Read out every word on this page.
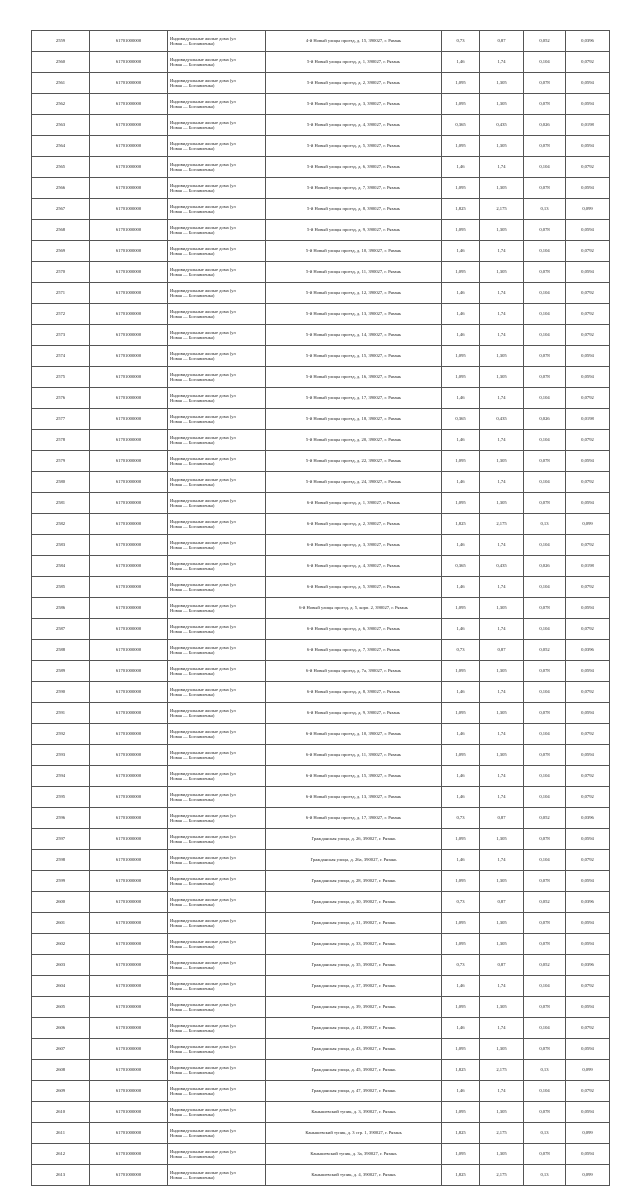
2559	61701000000	Индивидуальные жилые дома (ул
Новая — Богоявленка)	4-й Новый улицы проезд, д. 15, 390027, г. Рязань	0,73	0,87	0,052	0,0396
2560	61701000000	Индивидуальные жилые дома (ул
Новая — Богоявленка)	5-й Новый улицы проезд, д. 1, 390027, г. Рязань	1,46	1,74	0,104	0,0792
2561	61701000000	Индивидуальные жилые дома (ул
Новая — Богоявленка)	5-й Новый улицы проезд, д. 2, 390027, г. Рязань	1,095	1,305	0,078	0,0594
2562	61701000000	Индивидуальные жилые дома (ул
Новая — Богоявленка)	5-й Новый улицы проезд, д. 3, 390027, г. Рязань	1,095	1,305	0,078	0,0594
2563	61701000000	Индивидуальные жилые дома (ул
Новая — Богоявленка)	5-й Новый улицы проезд, д. 4, 390027, г. Рязань	0,365	0,435	0,026	0,0198
2564	61701000000	Индивидуальные жилые дома (ул
Новая — Богоявленка)	5-й Новый улицы проезд, д. 5, 390027, г. Рязань	1,095	1,305	0,078	0,0594
2565	61701000000	Индивидуальные жилые дома (ул
Новая — Богоявленка)	5-й Новый улицы проезд, д. 6, 390027, г. Рязань	1,46	1,74	0,104	0,0792
2566	61701000000	Индивидуальные жилые дома (ул
Новая — Богоявленка)	5-й Новый улицы проезд, д. 7, 390027, г. Рязань	1,095	1,305	0,078	0,0594
2567	61701000000	Индивидуальные жилые дома (ул
Новая — Богоявленка)	5-й Новый улицы проезд, д. 8, 390027, г. Рязань	1,825	2,175	0,13	0,099
2568	61701000000	Индивидуальные жилые дома (ул
Новая — Богоявленка)	5-й Новый улицы проезд, д. 9, 390027, г. Рязань	1,095	1,305	0,078	0,0594
2569	61701000000	Индивидуальные жилые дома (ул
Новая — Богоявленка)	5-й Новый улицы проезд, д. 10, 390027, г. Рязань	1,46	1,74	0,104	0,0792
2570	61701000000	Индивидуальные жилые дома (ул
Новая — Богоявленка)	5-й Новый улицы проезд, д. 11, 390027, г. Рязань	1,095	1,305	0,078	0,0594
2571	61701000000	Индивидуальные жилые дома (ул
Новая — Богоявленка)	5-й Новый улицы проезд, д. 12, 390027, г. Рязань	1,46	1,74	0,104	0,0792
2572	61701000000	Индивидуальные жилые дома (ул
Новая — Богоявленка)	5-й Новый улицы проезд, д. 13, 390027, г. Рязань	1,46	1,74	0,104	0,0792
2573	61701000000	Индивидуальные жилые дома (ул
Новая — Богоявленка)	5-й Новый улицы проезд, д. 14, 390027, г. Рязань	1,46	1,74	0,104	0,0792
2574	61701000000	Индивидуальные жилые дома (ул
Новая — Богоявленка)	5-й Новый улицы проезд, д. 15, 390027, г. Рязань	1,095	1,305	0,078	0,0594
2575	61701000000	Индивидуальные жилые дома (ул
Новая — Богоявленка)	5-й Новый улицы проезд, д. 16, 390027, г. Рязань	1,095	1,305	0,078	0,0594
2576	61701000000	Индивидуальные жилые дома (ул
Новая — Богоявленка)	5-й Новый улицы проезд, д. 17, 390027, г. Рязань	1,46	1,74	0,104	0,0792
2577	61701000000	Индивидуальные жилые дома (ул
Новая — Богоявленка)	5-й Новый улицы проезд, д. 18, 390027, г. Рязань	0,365	0,435	0,026	0,0198
2578	61701000000	Индивидуальные жилые дома (ул
Новая — Богоявленка)	5-й Новый улицы проезд, д. 20, 390027, г. Рязань	1,46	1,74	0,104	0,0792
2579	61701000000	Индивидуальные жилые дома (ул
Новая — Богоявленка)	5-й Новый улицы проезд, д. 22, 390027, г. Рязань	1,095	1,305	0,078	0,0594
2580	61701000000	Индивидуальные жилые дома (ул
Новая — Богоявленка)	5-й Новый улицы проезд, д. 24, 390027, г. Рязань	1,46	1,74	0,104	0,0792
2581	61701000000	Индивидуальные жилые дома (ул
Новая — Богоявленка)	6-й Новый улицы проезд, д. 1, 390027, г. Рязань	1,095	1,305	0,078	0,0594
2582	61701000000	Индивидуальные жилые дома (ул
Новая — Богоявленка)	6-й Новый улицы проезд, д. 2, 390027, г. Рязань	1,825	2,175	0,13	0,099
2583	61701000000	Индивидуальные жилые дома (ул
Новая — Богоявленка)	6-й Новый улицы проезд, д. 3, 390027, г. Рязань	1,46	1,74	0,104	0,0792
2584	61701000000	Индивидуальные жилые дома (ул
Новая — Богоявленка)	6-й Новый улицы проезд, д. 4, 390027, г. Рязань	0,365	0,435	0,026	0,0198
2585	61701000000	Индивидуальные жилые дома (ул
Новая — Богоявленка)	6-й Новый улицы проезд, д. 5, 390027, г. Рязань	1,46	1,74	0,104	0,0792
2586	61701000000	Индивидуальные жилые дома (ул
Новая — Богоявленка)	6-й Новый улицы проезд, д. 5, корп. 2, 390027, г. Рязань	1,095	1,305	0,078	0,0594
2587	61701000000	Индивидуальные жилые дома (ул
Новая — Богоявленка)	6-й Новый улицы проезд, д. 6, 390027, г. Рязань	1,46	1,74	0,104	0,0792
2588	61701000000	Индивидуальные жилые дома (ул
Новая — Богоявленка)	6-й Новый улицы проезд, д. 7, 390027, г. Рязань	0,73	0,87	0,052	0,0396
2589	61701000000	Индивидуальные жилые дома (ул
Новая — Богоявленка)	6-й Новый улицы проезд, д. 7а, 390027, г. Рязань	1,095	1,305	0,078	0,0594
2590	61701000000	Индивидуальные жилые дома (ул
Новая — Богоявленка)	6-й Новый улицы проезд, д. 8, 390027, г. Рязань	1,46	1,74	0,104	0,0792
2591	61701000000	Индивидуальные жилые дома (ул
Новая — Богоявленка)	6-й Новый улицы проезд, д. 9, 390027, г. Рязань	1,095	1,305	0,078	0,0594
2592	61701000000	Индивидуальные жилые дома (ул
Новая — Богоявленка)	6-й Новый улицы проезд, д. 10, 390027, г. Рязань	1,46	1,74	0,104	0,0792
2593	61701000000	Индивидуальные жилые дома (ул
Новая — Богоявленка)	6-й Новый улицы проезд, д. 11, 390027, г. Рязань	1,095	1,305	0,078	0,0594
2594	61701000000	Индивидуальные жилые дома (ул
Новая — Богоявленка)	6-й Новый улицы проезд, д. 15, 390027, г. Рязань	1,46	1,74	0,104	0,0792
2595	61701000000	Индивидуальные жилые дома (ул
Новая — Богоявленка)	6-й Новый улицы проезд, д. 13, 390027, г. Рязань	1,46	1,74	0,104	0,0792
2596	61701000000	Индивидуальные жилые дома (ул
Новая — Богоявленка)	6-й Новый улицы проезд, д. 17, 390027, г. Рязань	0,73	0,87	0,052	0,0396
2597	61701000000	Индивидуальные жилые дома (ул
Новая — Богоявленка)	Гражданская улица, д. 26, 390027, г. Рязань	1,095	1,305	0,078	0,0594
2598	61701000000	Индивидуальные жилые дома (ул
Новая — Богоявленка)	Гражданская улица, д. 26а, 390027, г. Рязань	1,46	1,74	0,104	0,0792
2599	61701000000	Индивидуальные жилые дома (ул
Новая — Богоявленка)	Гражданская улица, д. 28, 390027, г. Рязань	1,095	1,305	0,078	0,0594
2600	61701000000	Индивидуальные жилые дома (ул
Новая — Богоявленка)	Гражданская улица, д. 30, 390027, г. Рязань	0,73	0,87	0,052	0,0396
2601	61701000000	Индивидуальные жилые дома (ул
Новая — Богоявленка)	Гражданская улица, д. 31, 390027, г. Рязань	1,095	1,305	0,078	0,0594
2602	61701000000	Индивидуальные жилые дома (ул
Новая — Богоявленка)	Гражданская улица, д. 33, 390027, г. Рязань	1,095	1,305	0,078	0,0594
2603	61701000000	Индивидуальные жилые дома (ул
Новая — Богоявленка)	Гражданская улица, д. 35, 390027, г. Рязань	0,73	0,87	0,052	0,0396
2604	61701000000	Индивидуальные жилые дома (ул
Новая — Богоявленка)	Гражданская улица, д. 37, 390027, г. Рязань	1,46	1,74	0,104	0,0792
2605	61701000000	Индивидуальные жилые дома (ул
Новая — Богоявленка)	Гражданская улица, д. 39, 390027, г. Рязань	1,095	1,305	0,078	0,0594
2606	61701000000	Индивидуальные жилые дома (ул
Новая — Богоявленка)	Гражданская улица, д. 41, 390027, г. Рязань	1,46	1,74	0,104	0,0792
2607	61701000000	Индивидуальные жилые дома (ул
Новая — Богоявленка)	Гражданская улица, д. 43, 390027, г. Рязань	1,095	1,305	0,078	0,0594
2608	61701000000	Индивидуальные жилые дома (ул
Новая — Богоявленка)	Гражданская улица, д. 45, 390027, г. Рязань	1,825	2,175	0,13	0,099
2609	61701000000	Индивидуальные жилые дома (ул
Новая — Богоявленка)	Гражданская улица, д. 47, 390027, г. Рязань	1,46	1,74	0,104	0,0792
2610	61701000000	Индивидуальные жилые дома (ул
Новая — Богоявленка)	Канышевский тупик, д. 3, 390027, г. Рязань	1,095	1,305	0,078	0,0594
2611	61701000000	Индивидуальные жилые дома (ул
Новая — Богоявленка)	Канышевский тупик, д. 3 стр. 1, 390027, г. Рязань	1,825	2,175	0,13	0,099
2612	61701000000	Индивидуальные жилые дома (ул
Новая — Богоявленка)	Канышевский тупик, д. 3а, 390027, г. Рязань	1,095	1,305	0,078	0,0594
2613	61701000000	Индивидуальные жилые дома (ул
Новая — Богоявленка)	Канышевский тупик, д. 4, 390027, г. Рязань	1,825	2,175	0,13	0,099
